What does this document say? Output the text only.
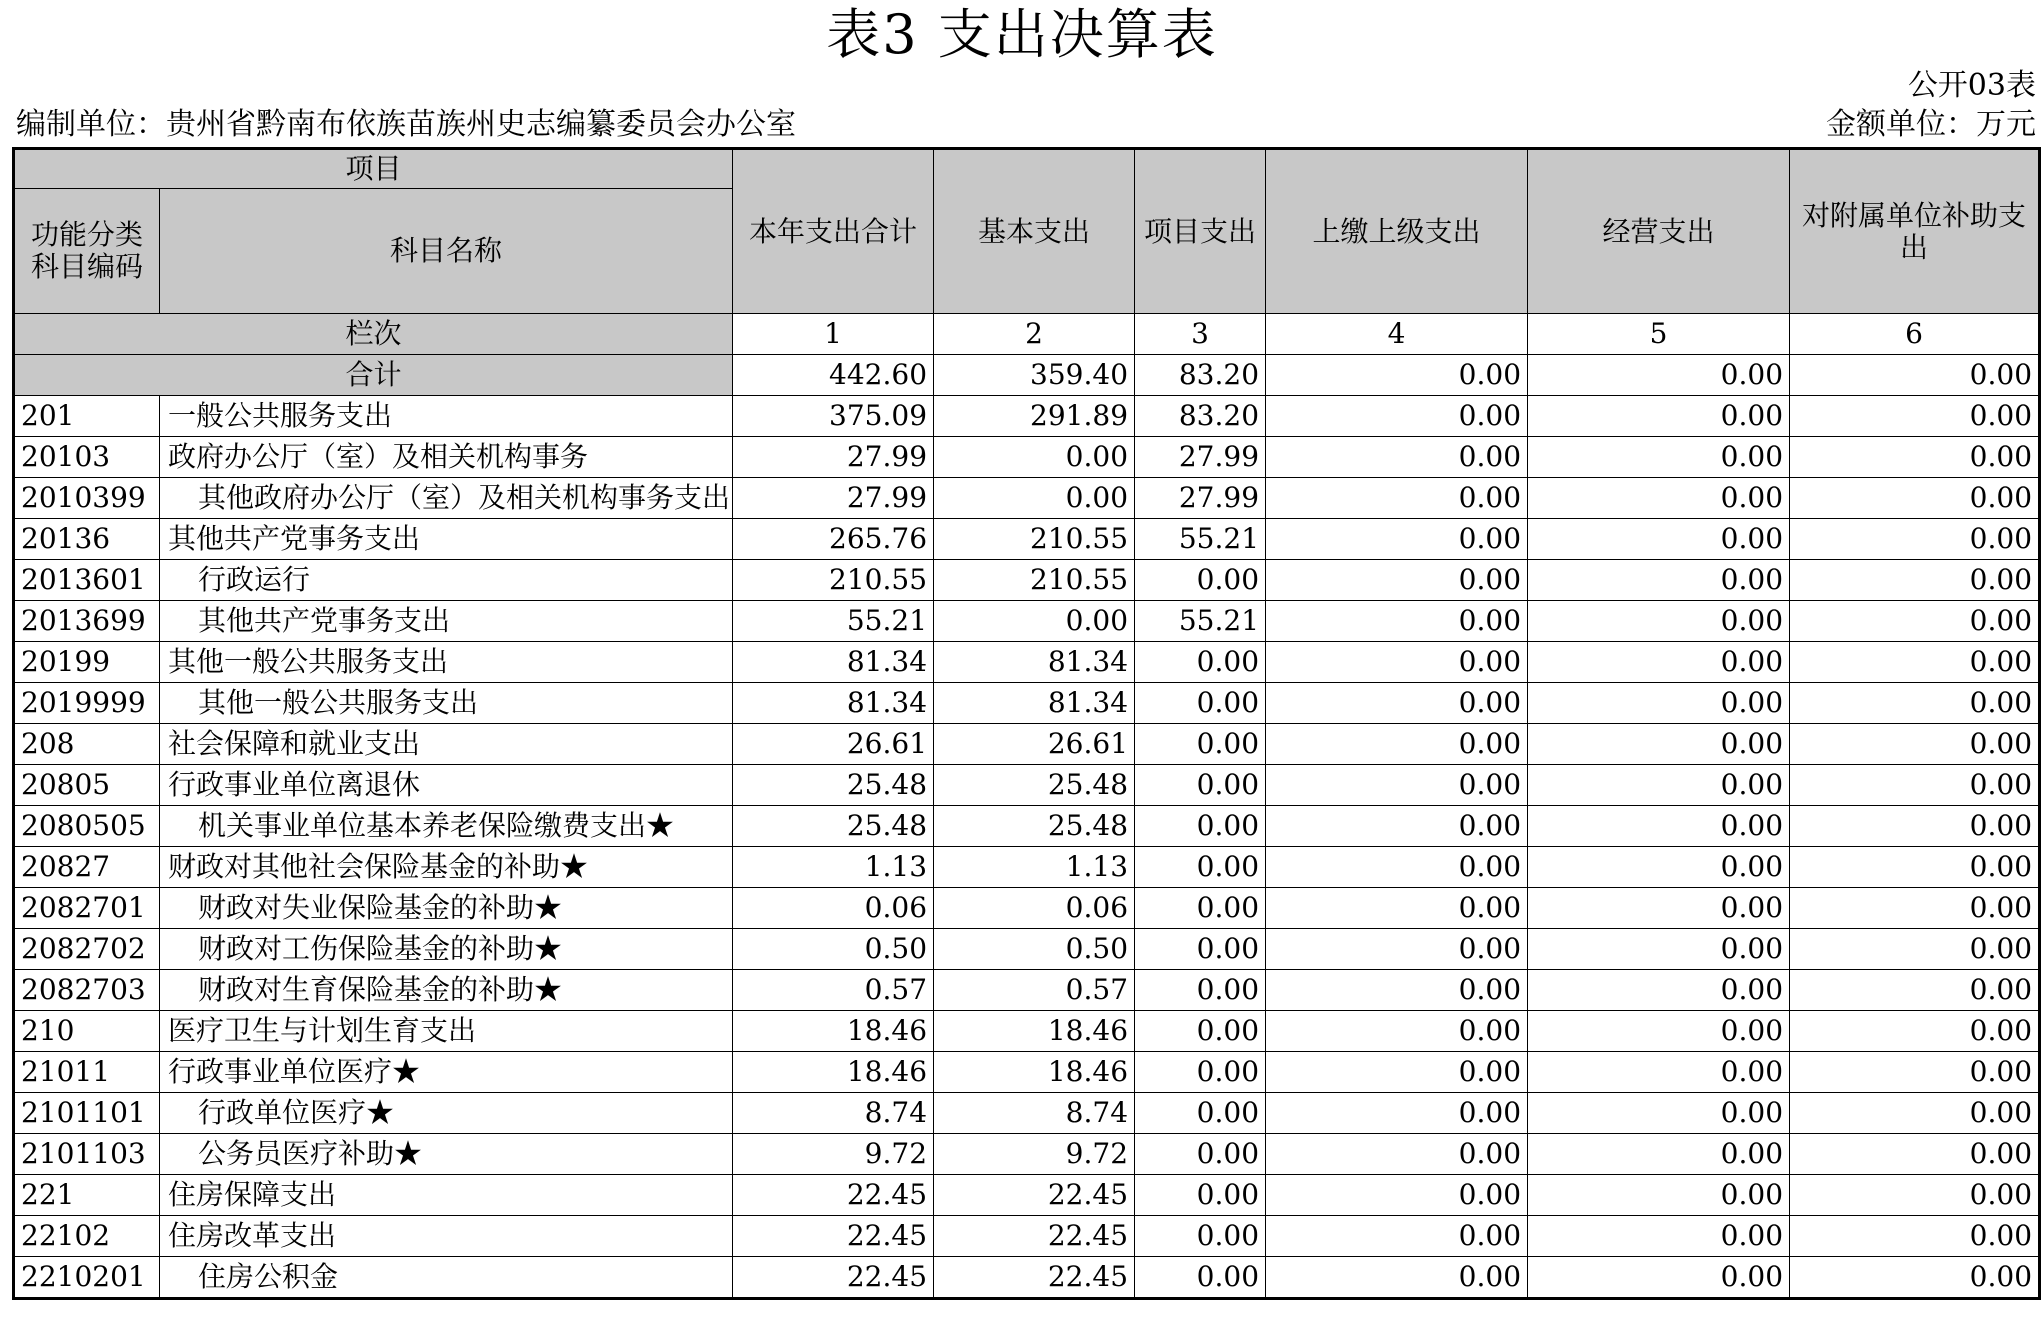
表3 支出决算表
公开03表
编制单位：贵州省黔南布依族苗族州史志编纂委员会办公室	金额单位：万元
项目		本年支出合计	基本支出	项目支出	上缴上级支出	经营支出	对附属单位补助支出
功能分类科目编码	科目名称						
栏次		1	2	3	4	5	6
合计		442.60	359.40	83.20	0.00	0.00	0.00
201	一般公共服务支出	375.09	291.89	83.20	0.00	0.00	0.00
20103	政府办公厅（室）及相关机构事务	27.99	0.00	27.99	0.00	0.00	0.00
2010399	其他政府办公厅（室）及相关机构事务支出	27.99	0.00	27.99	0.00	0.00	0.00
20136	其他共产党事务支出	265.76	210.55	55.21	0.00	0.00	0.00
2013601	行政运行	210.55	210.55	0.00	0.00	0.00	0.00
2013699	其他共产党事务支出	55.21	0.00	55.21	0.00	0.00	0.00
20199	其他一般公共服务支出	81.34	81.34	0.00	0.00	0.00	0.00
2019999	其他一般公共服务支出	81.34	81.34	0.00	0.00	0.00	0.00
208	社会保障和就业支出	26.61	26.61	0.00	0.00	0.00	0.00
20805	行政事业单位离退休	25.48	25.48	0.00	0.00	0.00	0.00
2080505	机关事业单位基本养老保险缴费支出★	25.48	25.48	0.00	0.00	0.00	0.00
20827	财政对其他社会保险基金的补助★	1.13	1.13	0.00	0.00	0.00	0.00
2082701	财政对失业保险基金的补助★	0.06	0.06	0.00	0.00	0.00	0.00
2082702	财政对工伤保险基金的补助★	0.50	0.50	0.00	0.00	0.00	0.00
2082703	财政对生育保险基金的补助★	0.57	0.57	0.00	0.00	0.00	0.00
210	医疗卫生与计划生育支出	18.46	18.46	0.00	0.00	0.00	0.00
21011	行政事业单位医疗★	18.46	18.46	0.00	0.00	0.00	0.00
2101101	行政单位医疗★	8.74	8.74	0.00	0.00	0.00	0.00
2101103	公务员医疗补助★	9.72	9.72	0.00	0.00	0.00	0.00
221	住房保障支出	22.45	22.45	0.00	0.00	0.00	0.00
22102	住房改革支出	22.45	22.45	0.00	0.00	0.00	0.00
2210201	住房公积金	22.45	22.45	0.00	0.00	0.00	0.00
